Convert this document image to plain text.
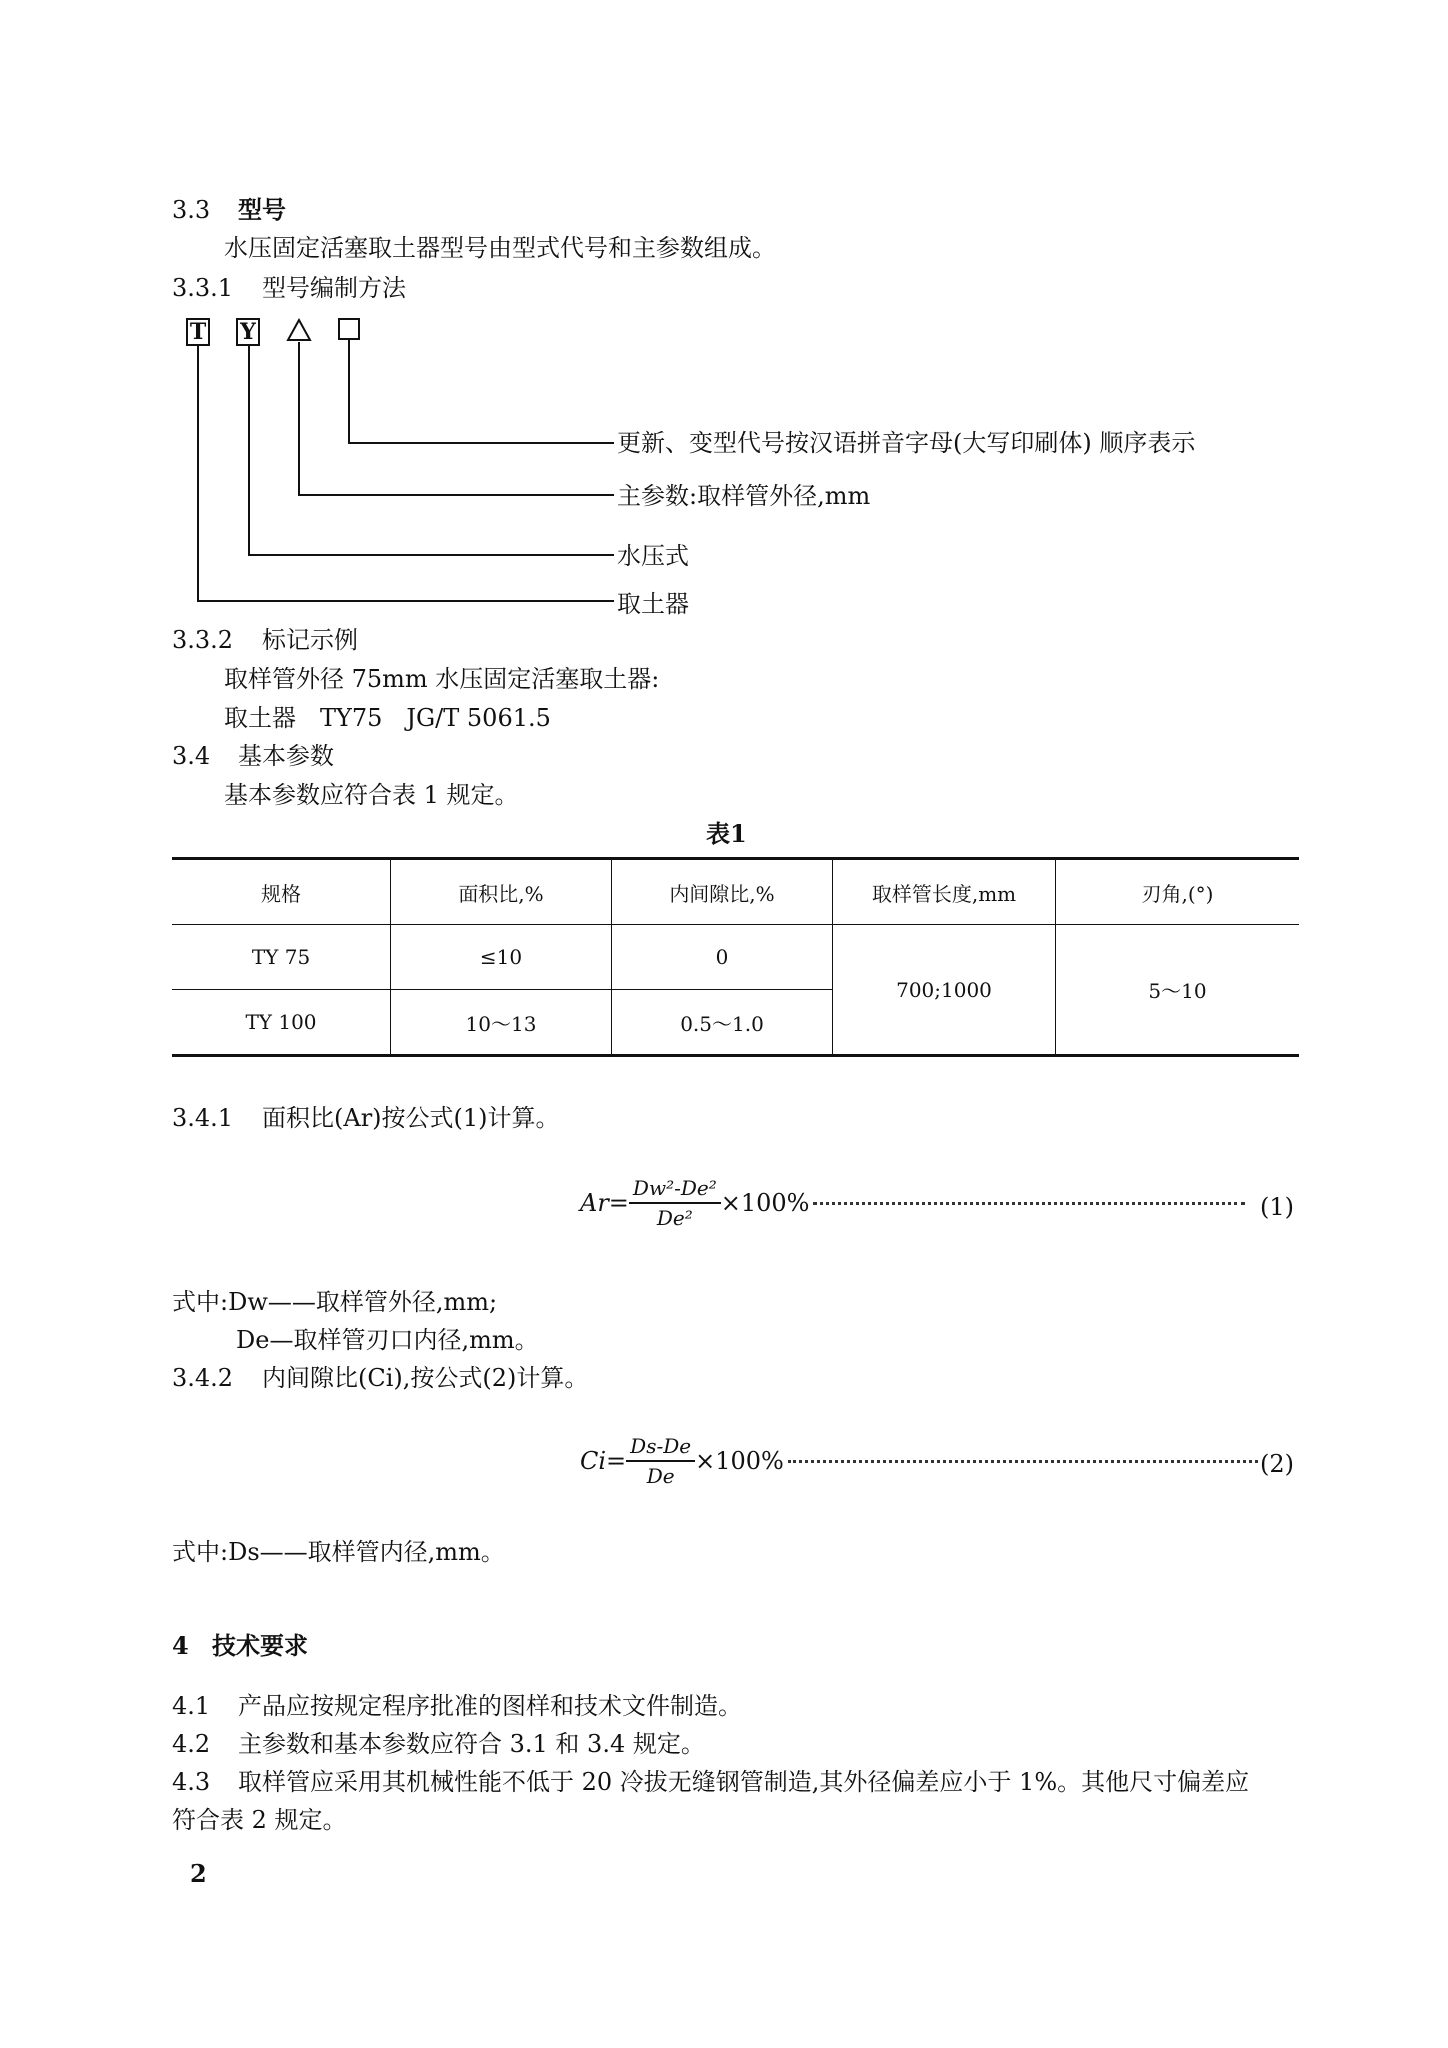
3.3 型号
水压固定活塞取土器型号由型式代号和主参数组成。
3.3.1 型号编制方法
T Y
更新、变型代号按汉语拼音字母(大写印刷体) 顺序表示
主参数:取样管外径,mm
水压式
取土器
3.3.2 标记示例
取样管外径 75mm 水压固定活塞取土器:
取土器　TY75　JG/T 5061.5
3.4 基本参数
基本参数应符合表 1 规定。
表1
规格	面积比,%	内间隙比,%	取样管长度,mm	刃角,(°)
TY 75	≤10	0	700;1000	5～10
TY 100	10～13	0.5～1.0		
3.4.1 面积比(Ar)按公式(1)计算。
$Ar= \frac{\text{Dw²-De²}}{\text{De²}} \times 100\%$	(1)
式中:Dw——取样管外径,mm;
De—取样管刃口内径,mm。
3.4.2 内间隙比(Ci),按公式(2)计算。
$Ci= \frac{Ds-De}{De} \times 100\%$	(2)
式中:Ds——取样管内径,mm。
4 技术要求
4.1 产品应按规定程序批准的图样和技术文件制造。
4.2 主参数和基本参数应符合 3.1 和 3.4 规定。
4.3 取样管应采用其机械性能不低于 20 冷拔无缝钢管制造,其外径偏差应小于 1%。其他尺寸偏差应
符合表 2 规定。
2
